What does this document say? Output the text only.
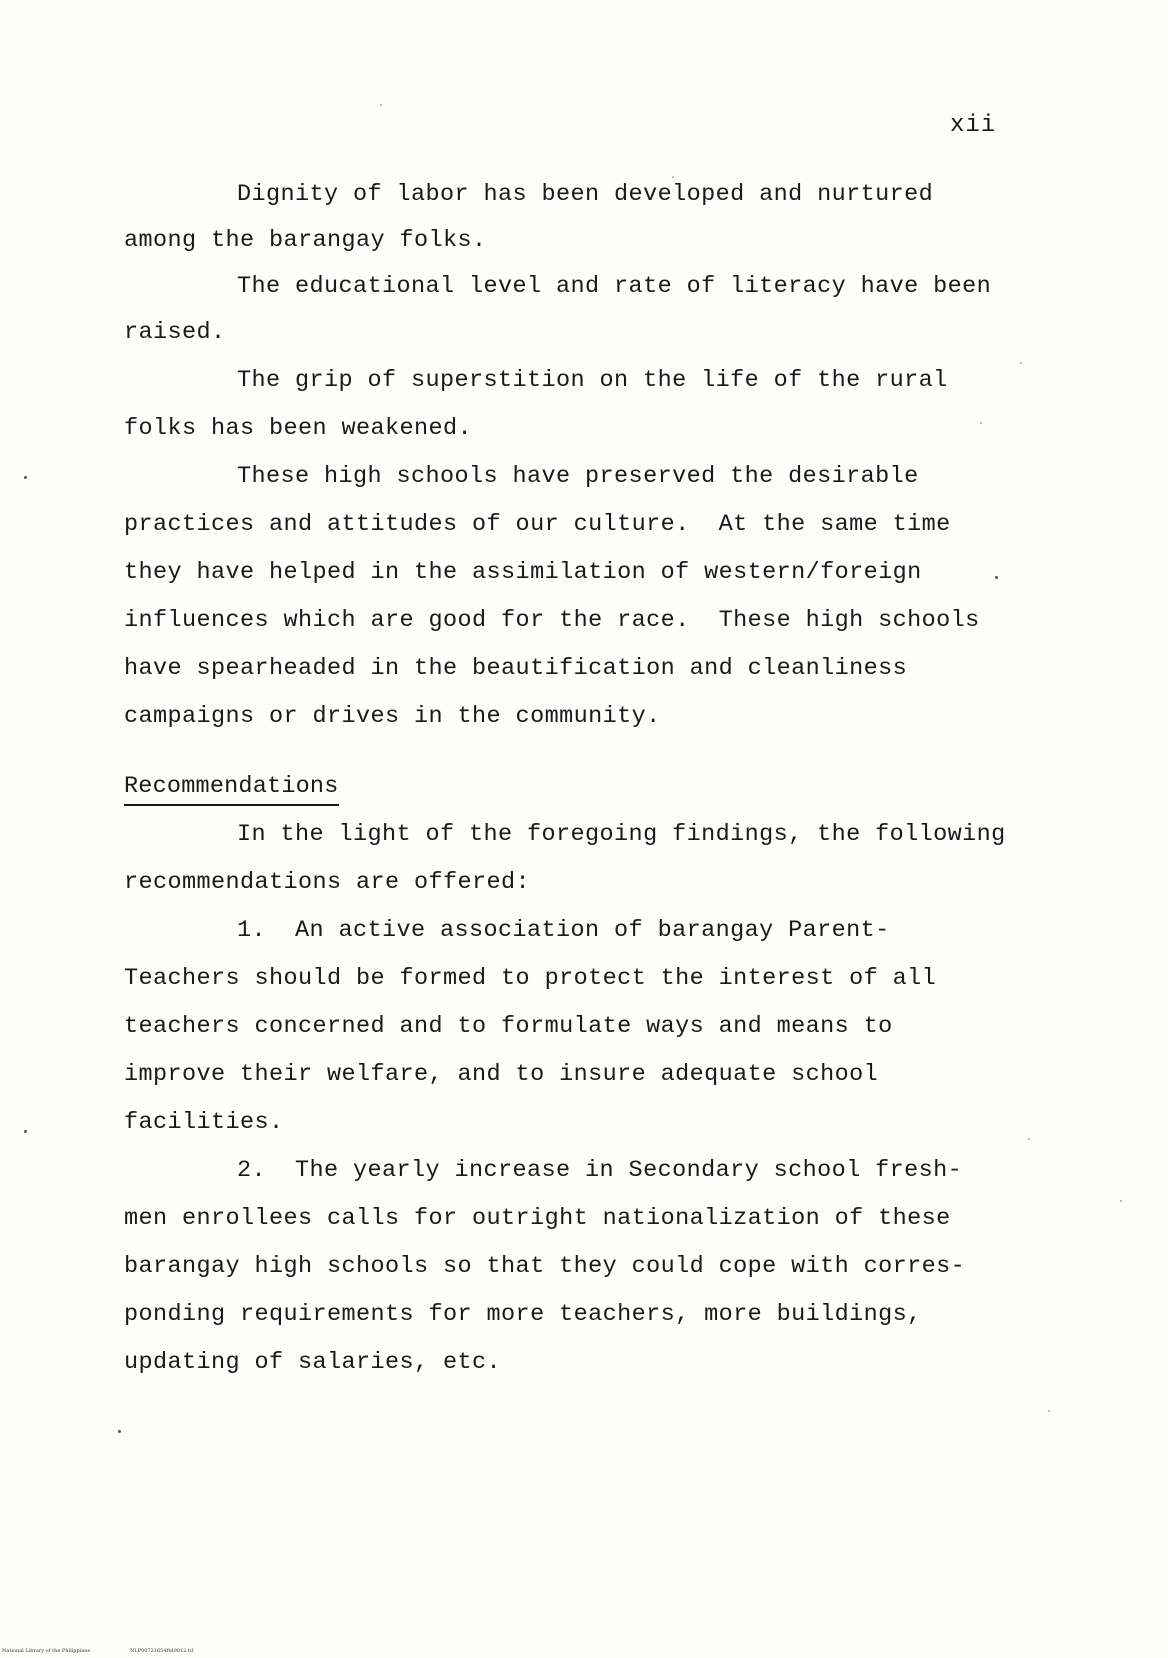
xii
Dignity of labor has been developed and nurtured
among the barangay folks.
The educational level and rate of literacy have been
raised.
The grip of superstition on the life of the rural
folks has been weakened.
These high schools have preserved the desirable
practices and attitudes of our culture.  At the same time
they have helped in the assimilation of western/foreign
influences which are good for the race.  These high schools
have spearheaded in the beautification and cleanliness
campaigns or drives in the community.
Recommendations
In the light of the foregoing findings, the following
recommendations are offered:
1.  An active association of barangay Parent-
Teachers should be formed to protect the interest of all
teachers concerned and to formulate ways and means to
improve their welfare, and to insure adequate school
facilities.
2.  The yearly increase in Secondary school fresh-
men enrollees calls for outright nationalization of these
barangay high schools so that they could cope with corres-
ponding requirements for more teachers, more buildings,
updating of salaries, etc.
National Library of the Philippines	NLP00721654ftd0012.tif
